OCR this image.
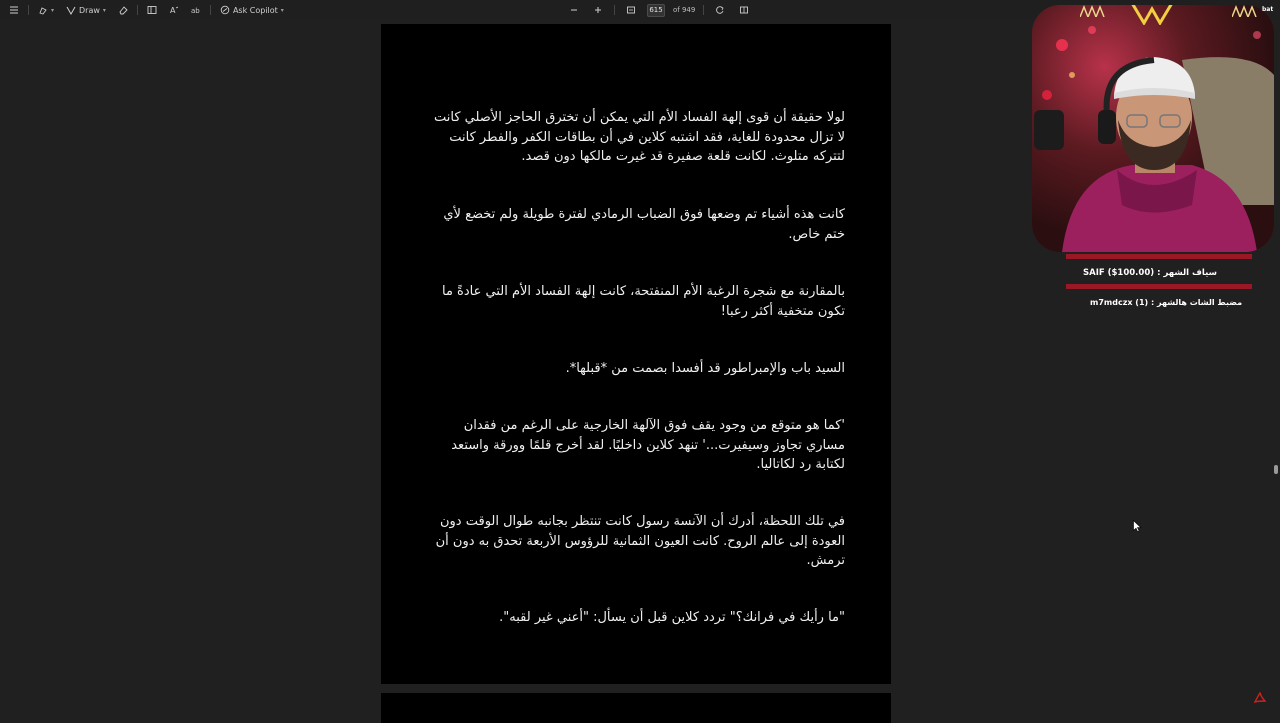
▾	Draw ▾	A ab	Ask Copilot ▾
615	of 949

لولا حقيقة أن قوى إلهة الفساد الأم التي يمكن أن تخترق الحاجز الأصلي كانت لا تزال محدودة للغاية، فقد اشتبه كلاين في أن بطاقات الكفر والفطر كانت لتتركه متلوث. لكانت قلعة صفيرة قد غيرت مالكها دون قصد.

كانت هذه أشياء تم وضعها فوق الضباب الرمادي لفترة طويلة ولم تخضع لأي ختم خاص.

بالمقارنة مع شجرة الرغبة الأم المنفتحة، كانت إلهة الفساد الأم التي عادةً ما تكون متخفية أكثر رعبا!

السيد باب والإمبراطور قد أفسدا بصمت من *قبلها*.

'كما هو متوقع من وجود يقف فوق الآلهة الخارجية على الرغم من فقدان مساري تجاوز وسيفيرت...' تنهد كلاين داخليًا. لقد أخرج قلمًا وورقة واستعد لكتابة رد لكاتاليا.

في تلك اللحظة، أدرك أن الآنسة رسول كانت تنتظر بجانبه طوال الوقت دون العودة إلى عالم الروح. كانت العيون الثمانية للرؤوس الأربعة تحدق به دون أن ترمش.

"ما رأيك في فرانك؟" تردد كلاين قبل أن يسأل: "أعني غير لقبه".

bat
SAIF ($100.00) : سياف الشهر
m7mdczx (1) : مضبط الشات هالشهر
